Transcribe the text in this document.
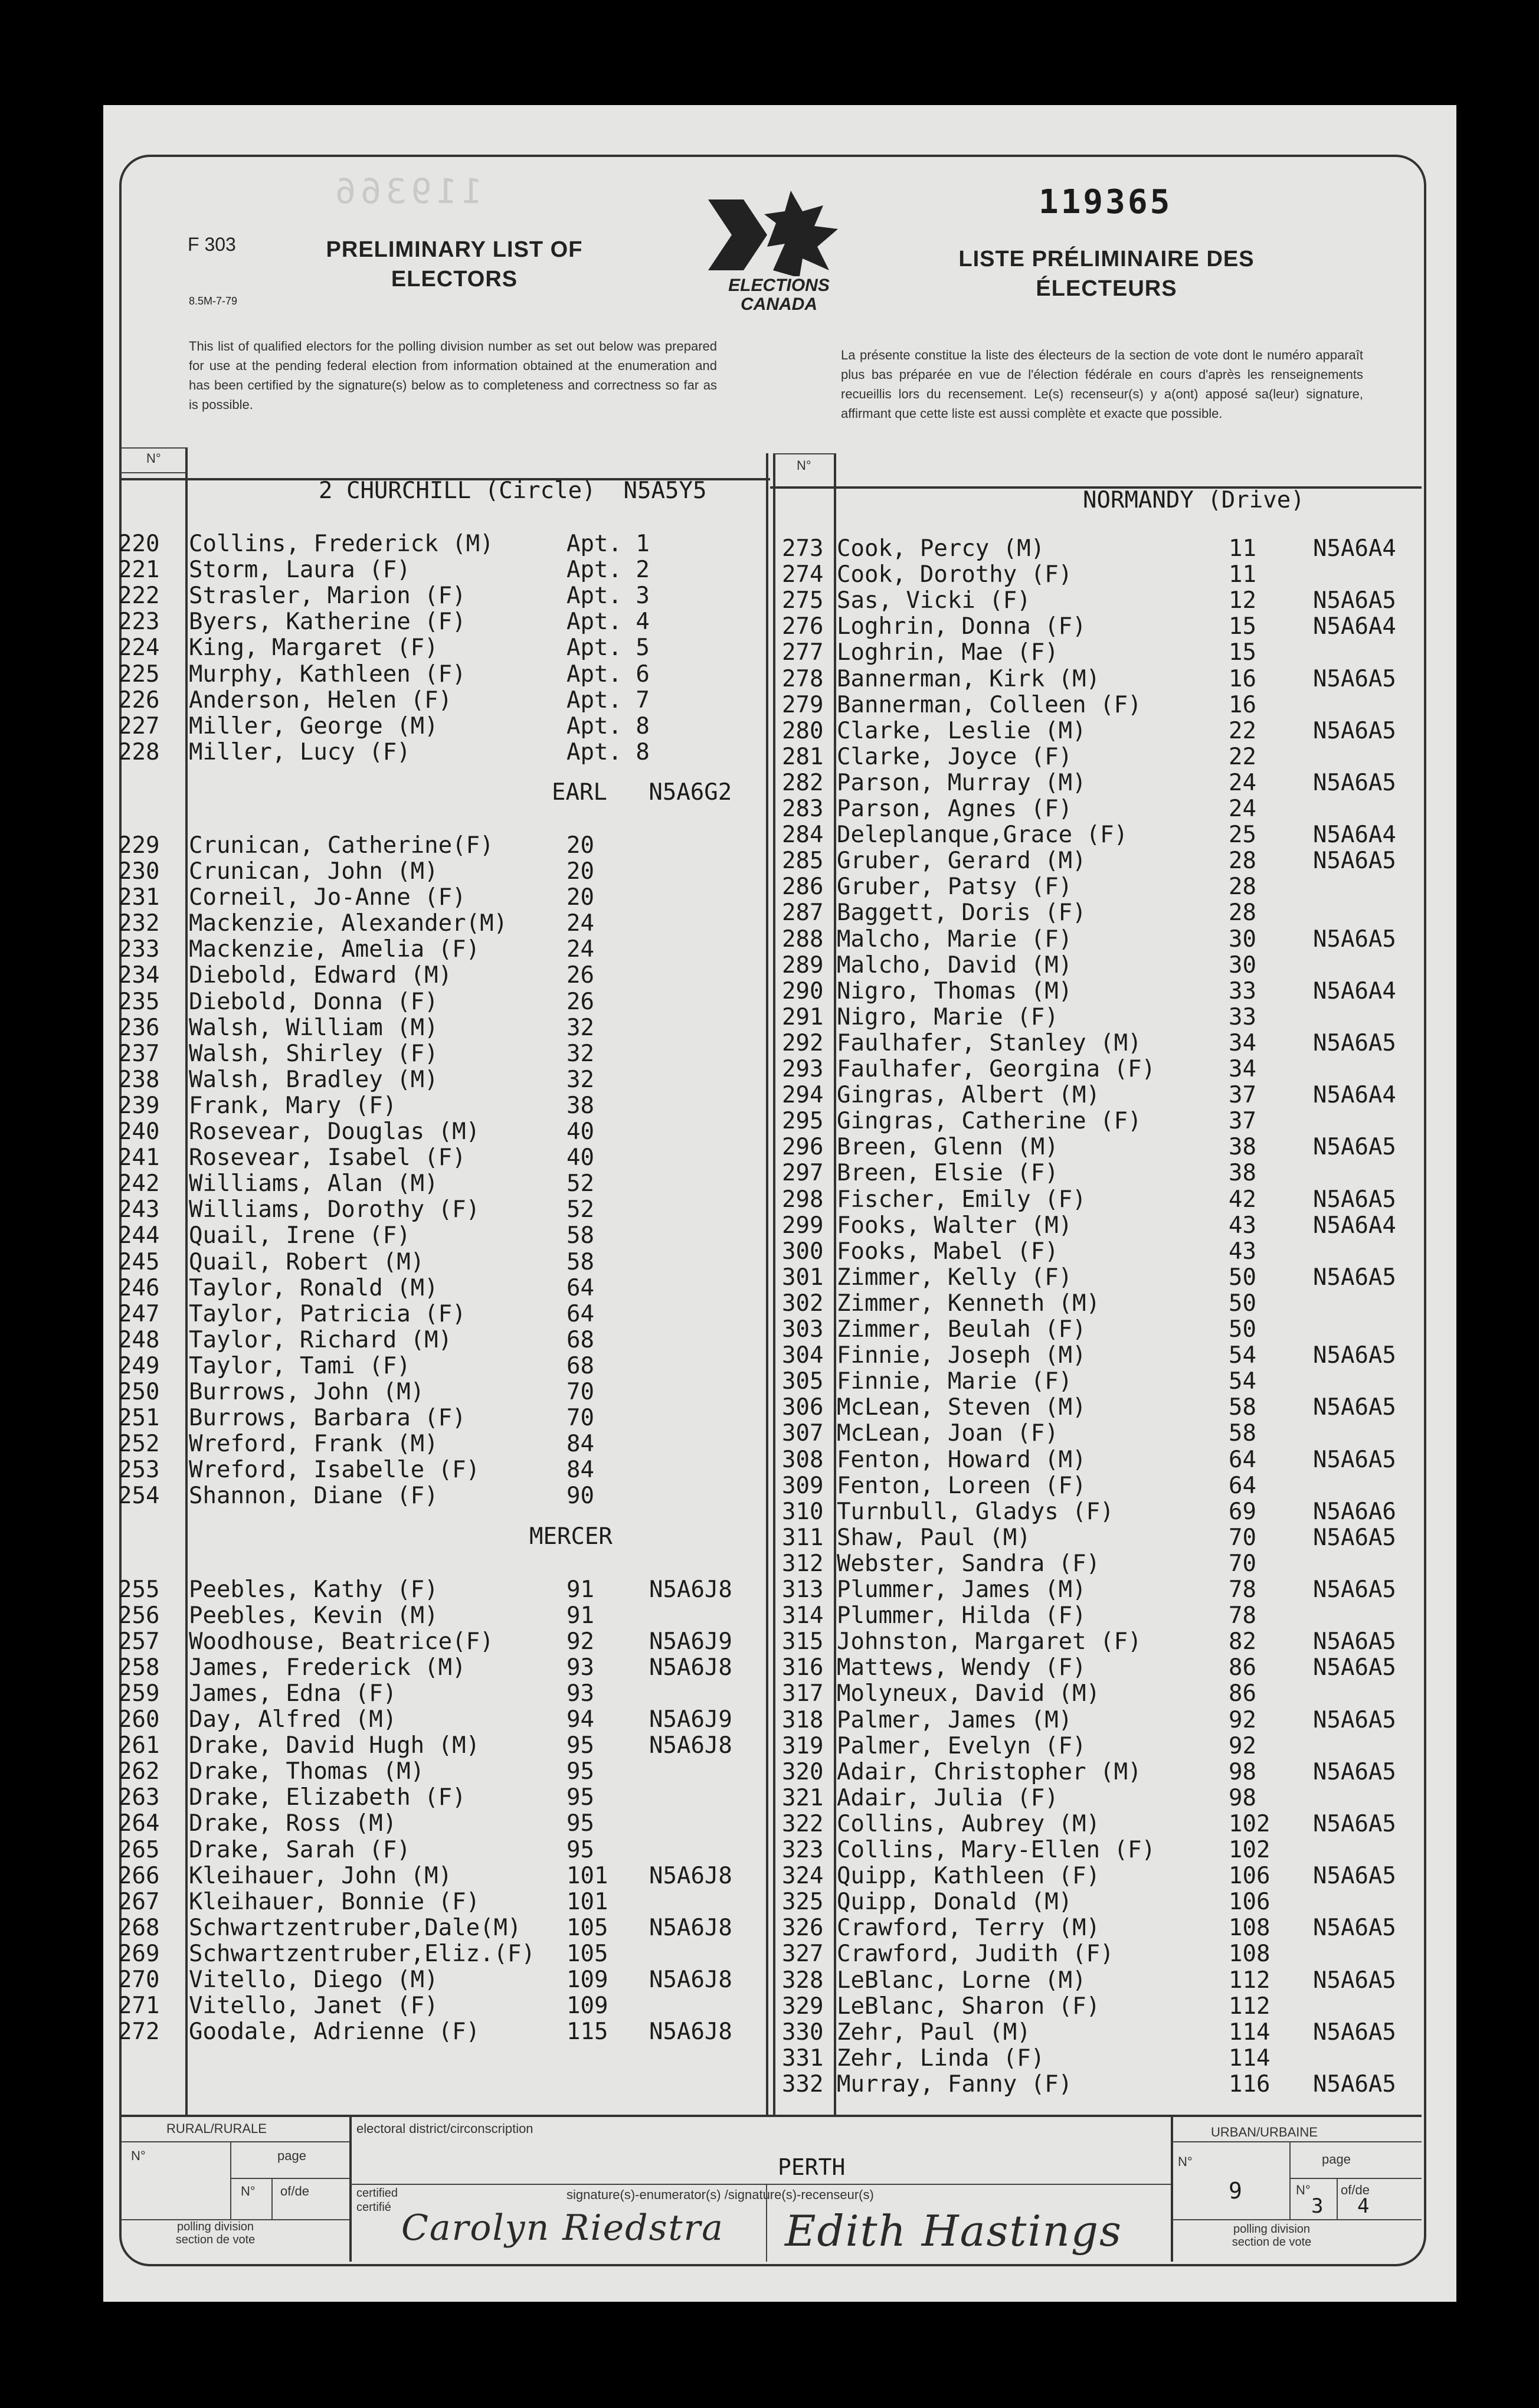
F 303
8.5M-7-79
PRELIMINARY LIST OF ELECTORS
LISTE PRÉLIMINAIRE DES ÉLECTEURS
119366	119365
ELECTIONS CANADA
This list of qualified electors for the polling division number as set out below was prepared for use at the pending federal election from information obtained at the enumeration and has been certified by the signature(s) below as to completeness and correctness so far as is possible.
La présente constitue la liste des électeurs de la section de vote dont le numéro apparaît plus bas préparée en vue de l'élection fédérale en cours d'après les renseignements recueillis lors du recensement. Le(s) recenseur(s) y a(ont) apposé sa(leur) signature, affirmant que cette liste est aussi complète et exacte que possible.
N°	N°
2 CHURCHILL (Circle)  N5A5Y5
220 Collins, Frederick (M)	Apt. 1
221 Storm, Laura (F)	Apt. 2
222 Strasler, Marion (F)	Apt. 3
223 Byers, Katherine (F)	Apt. 4
224 King, Margaret (F)	Apt. 5
225 Murphy, Kathleen (F)	Apt. 6
226 Anderson, Helen (F)	Apt. 7
227 Miller, George (M)	Apt. 8
228 Miller, Lucy (F)	Apt. 8
EARL   N5A6G2
229 Crunican, Catherine(F)	20
230 Crunican, John (M)	20
231 Corneil, Jo-Anne (F)	20
232 Mackenzie, Alexander(M)	24
233 Mackenzie, Amelia (F)	24
234 Diebold, Edward (M)	26
235 Diebold, Donna (F)	26
236 Walsh, William (M)	32
237 Walsh, Shirley (F)	32
238 Walsh, Bradley (M)	32
239 Frank, Mary (F)	38
240 Rosevear, Douglas (M)	40
241 Rosevear, Isabel (F)	40
242 Williams, Alan (M)	52
243 Williams, Dorothy (F)	52
244 Quail, Irene (F)	58
245 Quail, Robert (M)	58
246 Taylor, Ronald (M)	64
247 Taylor, Patricia (F)	64
248 Taylor, Richard (M)	68
249 Taylor, Tami (F)	68
250 Burrows, John (M)	70
251 Burrows, Barbara (F)	70
252 Wreford, Frank (M)	84
253 Wreford, Isabelle (F)	84
254 Shannon, Diane (F)	90
MERCER
255 Peebles, Kathy (F)	91 N5A6J8
256 Peebles, Kevin (M)	91
257 Woodhouse, Beatrice(F)	92 N5A6J9
258 James, Frederick (M)	93 N5A6J8
259 James, Edna (F)	93
260 Day, Alfred (M)	94 N5A6J9
261 Drake, David Hugh (M)	95 N5A6J8
262 Drake, Thomas (M)	95
263 Drake, Elizabeth (F)	95
264 Drake, Ross (M)	95
265 Drake, Sarah (F)	95
266 Kleihauer, John (M)	101 N5A6J8
267 Kleihauer, Bonnie (F)	101
268 Schwartzentruber,Dale(M) 105 N5A6J8
269 Schwartzentruber,Eliz.(F) 105
270 Vitello, Diego (M)	109 N5A6J8
271 Vitello, Janet (F)	109
272 Goodale, Adrienne (F)	115 N5A6J8
NORMANDY (Drive)
273 Cook, Percy (M)	11 N5A6A4
274 Cook, Dorothy (F)	11
275 Sas, Vicki (F)	12 N5A6A5
276 Loghrin, Donna (F)	15 N5A6A4
277 Loghrin, Mae (F)	15
278 Bannerman, Kirk (M)	16 N5A6A5
279 Bannerman, Colleen (F)	16
280 Clarke, Leslie (M)	22 N5A6A5
281 Clarke, Joyce (F)	22
282 Parson, Murray (M)	24 N5A6A5
283 Parson, Agnes (F)	24
284 Deleplanque,Grace (F)	25 N5A6A4
285 Gruber, Gerard (M)	28 N5A6A5
286 Gruber, Patsy (F)	28
287 Baggett, Doris (F)	28
288 Malcho, Marie (F)	30 N5A6A5
289 Malcho, David (M)	30
290 Nigro, Thomas (M)	33 N5A6A4
291 Nigro, Marie (F)	33
292 Faulhafer, Stanley (M)	34 N5A6A5
293 Faulhafer, Georgina (F)	34
294 Gingras, Albert (M)	37 N5A6A4
295 Gingras, Catherine (F)	37
296 Breen, Glenn (M)	38 N5A6A5
297 Breen, Elsie (F)	38
298 Fischer, Emily (F)	42 N5A6A5
299 Fooks, Walter (M)	43 N5A6A4
300 Fooks, Mabel (F)	43
301 Zimmer, Kelly (F)	50 N5A6A5
302 Zimmer, Kenneth (M)	50
303 Zimmer, Beulah (F)	50
304 Finnie, Joseph (M)	54 N5A6A5
305 Finnie, Marie (F)	54
306 McLean, Steven (M)	58 N5A6A5
307 McLean, Joan (F)	58
308 Fenton, Howard (M)	64 N5A6A5
309 Fenton, Loreen (F)	64
310 Turnbull, Gladys (F)	69 N5A6A6
311 Shaw, Paul (M)	70 N5A6A5
312 Webster, Sandra (F)	70
313 Plummer, James (M)	78 N5A6A5
314 Plummer, Hilda (F)	78
315 Johnston, Margaret (F)	82 N5A6A5
316 Mattews, Wendy (F)	86 N5A6A5
317 Molyneux, David (M)	86
318 Palmer, James (M)	92 N5A6A5
319 Palmer, Evelyn (F)	92
320 Adair, Christopher (M)	98 N5A6A5
321 Adair, Julia (F)	98
322 Collins, Aubrey (M)	102 N5A6A5
323 Collins, Mary-Ellen (F)	102
324 Quipp, Kathleen (F)	106 N5A6A5
325 Quipp, Donald (M)	106
326 Crawford, Terry (M)	108 N5A6A5
327 Crawford, Judith (F)	108
328 LeBlanc, Lorne (M)	112 N5A6A5
329 LeBlanc, Sharon (F)	112
330 Zehr, Paul (M)	114 N5A6A5
331 Zehr, Linda (F)	114
332 Murray, Fanny (F)	116 N5A6A5
RURAL/RURALE	URBAN/URBAINE
electoral district/circonscription
PERTH
N°	page
N° of/de
N°	page
N° of/de
9
3 4
certified certifié
signature(s)-enumerator(s) /signature(s)-recenseur(s)
polling division section de vote
polling division section de vote
Carolyn Riedstra Edith Hastings
